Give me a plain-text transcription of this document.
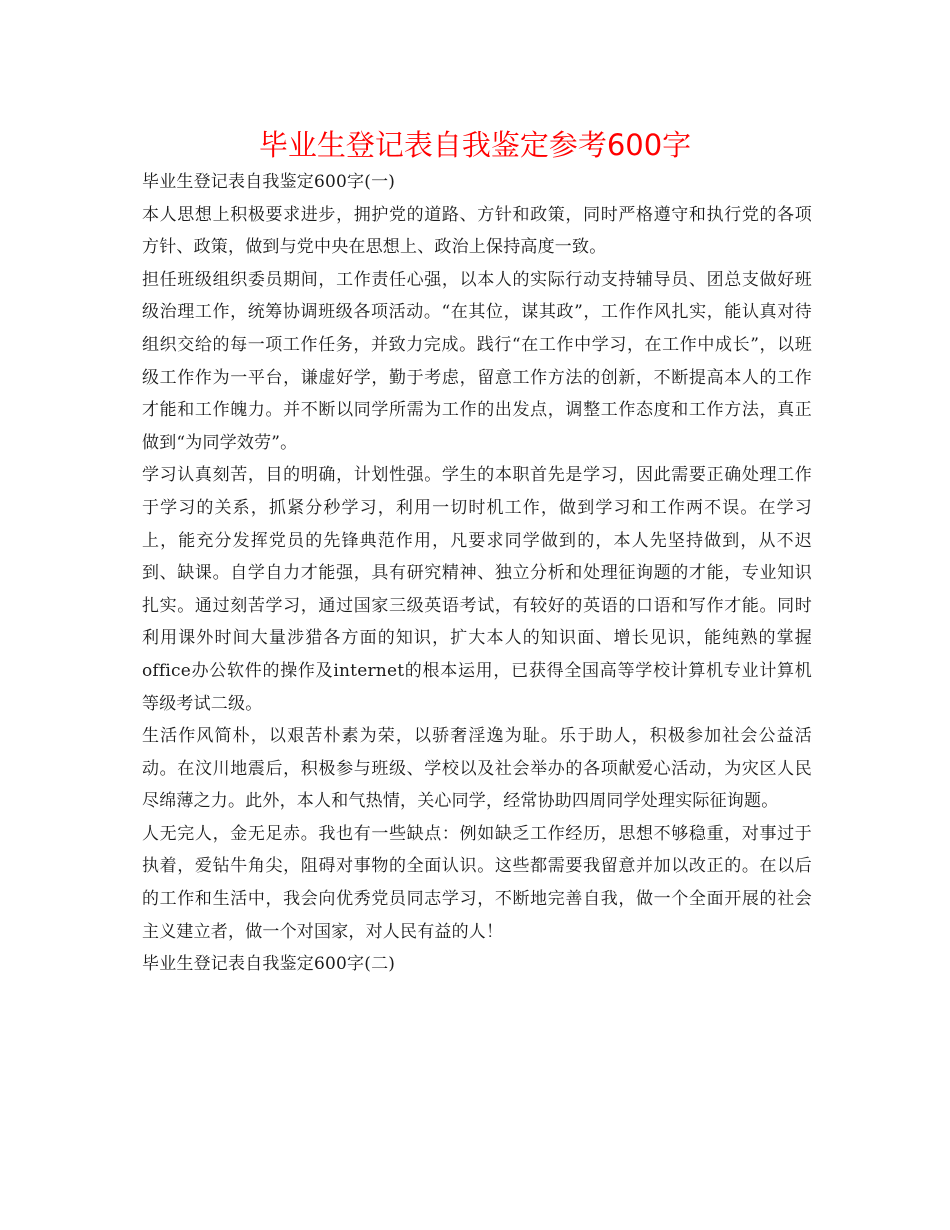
毕业生登记表自我鉴定参考600字

毕业生登记表自我鉴定600字(一)

本人思想上积极要求进步，拥护党的道路、方针和政策，同时严格遵守和执行党的各项方针、政策，做到与党中央在思想上、政治上保持高度一致。

担任班级组织委员期间，工作责任心强，以本人的实际行动支持辅导员、团总支做好班级治理工作，统筹协调班级各项活动。“在其位，谋其政”，工作作风扎实，能认真对待组织交给的每一项工作任务，并致力完成。践行“在工作中学习，在工作中成长”，以班级工作作为一平台，谦虚好学，勤于考虑，留意工作方法的创新，不断提高本人的工作才能和工作魄力。并不断以同学所需为工作的出发点，调整工作态度和工作方法，真正做到“为同学效劳”。

学习认真刻苦，目的明确，计划性强。学生的本职首先是学习，因此需要正确处理工作于学习的关系，抓紧分秒学习，利用一切时机工作，做到学习和工作两不误。在学习上，能充分发挥党员的先锋典范作用，凡要求同学做到的，本人先坚持做到，从不迟到、缺课。自学自力才能强，具有研究精神、独立分析和处理征询题的才能，专业知识扎实。通过刻苦学习，通过国家三级英语考试，有较好的英语的口语和写作才能。同时利用课外时间大量涉猎各方面的知识，扩大本人的知识面、增长见识，能纯熟的掌握office办公软件的操作及internet的根本运用，已获得全国高等学校计算机专业计算机等级考试二级。

生活作风简朴，以艰苦朴素为荣，以骄奢淫逸为耻。乐于助人，积极参加社会公益活动。在汶川地震后，积极参与班级、学校以及社会举办的各项献爱心活动，为灾区人民尽绵薄之力。此外，本人和气热情，关心同学，经常协助四周同学处理实际征询题。

人无完人，金无足赤。我也有一些缺点：例如缺乏工作经历，思想不够稳重，对事过于执着，爱钻牛角尖，阻碍对事物的全面认识。这些都需要我留意并加以改正的。在以后的工作和生活中，我会向优秀党员同志学习，不断地完善自我，做一个全面开展的社会主义建立者，做一个对国家，对人民有益的人！

毕业生登记表自我鉴定600字(二)
